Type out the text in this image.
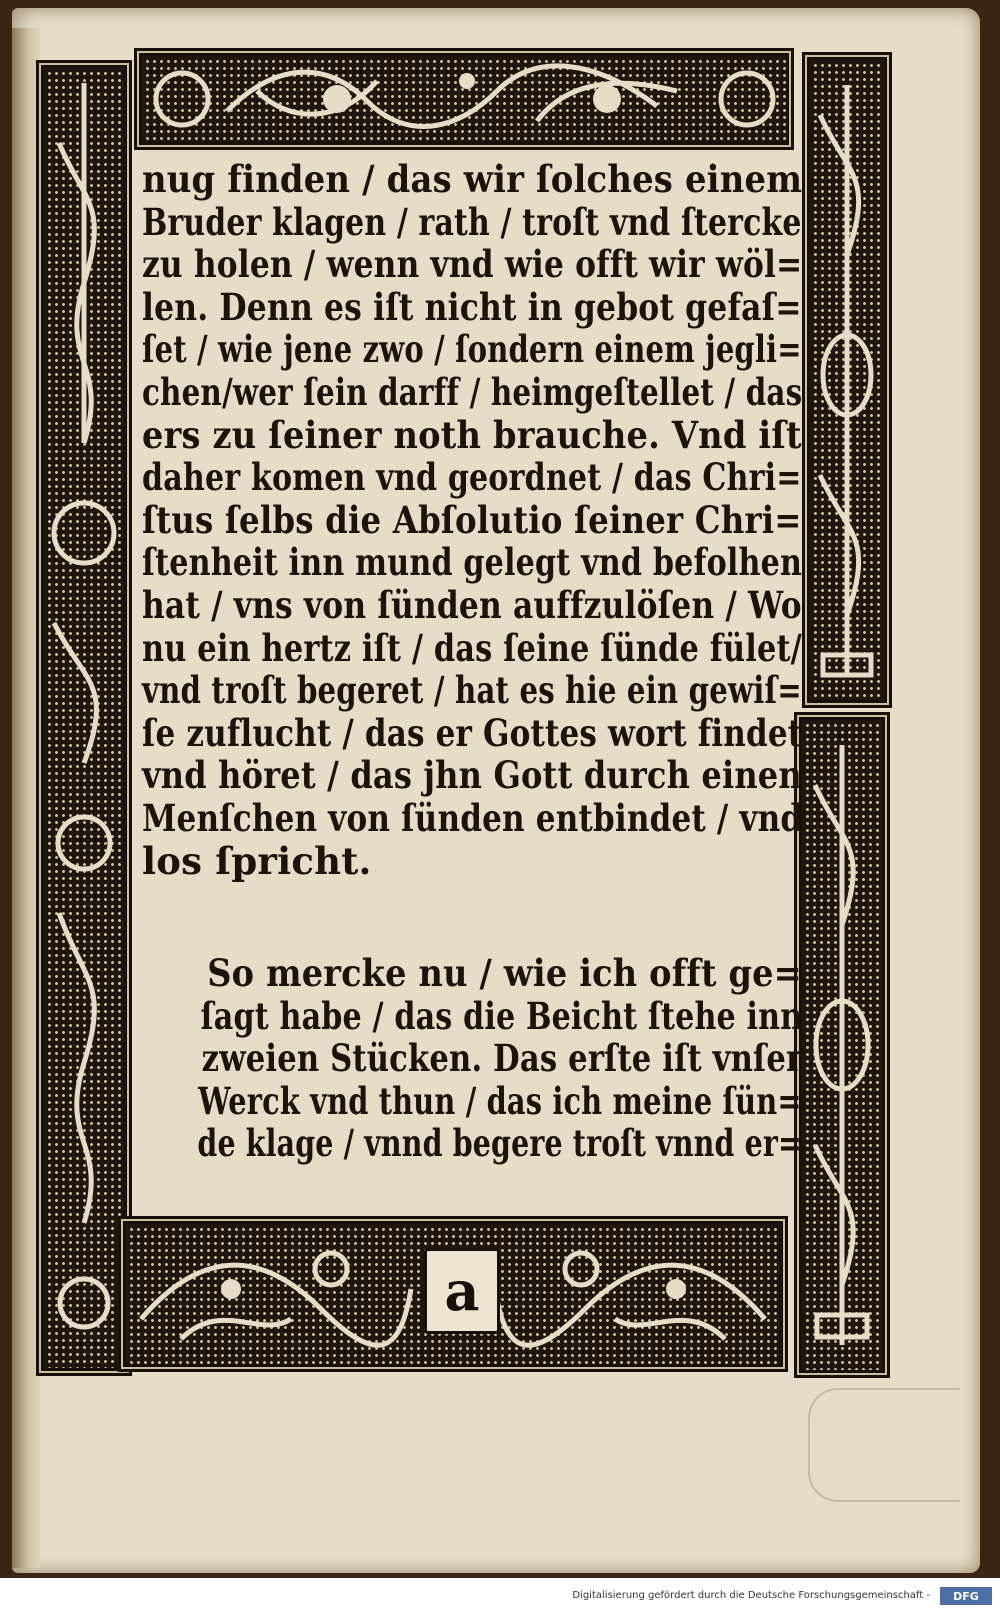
a

nug finden / das wir ſolches einem
Bruder klagen / rath / troſt vnd ſtercke
zu holen / wenn vnd wie offt wir wöl=
len. Denn es iſt nicht in gebot gefaſ=
ſet / wie jene zwo / ſondern einem jegli=
chen/wer ſein darff / heimgeſtellet / das
ers zu ſeiner noth brauche. Vnd iſt
daher komen vnd geordnet / das Chri=
ſtus ſelbs die Abſolutio ſeiner Chri=
ſtenheit inn mund gelegt vnd befolhen
hat / vns von ſünden auffzulöſen / Wo
nu ein hertz iſt / das ſeine ſünde fület/
vnd troſt begeret / hat es hie ein gewiſ=
ſe zuflucht / das er Gottes wort findet
vnd höret / das jhn Gott durch einen
Menſchen von ſünden entbindet / vnd
los ſpricht.

So mercke nu / wie ich offt ge=
ſagt habe / das die Beicht ſtehe inn
zweien Stücken. Das erſte iſt vnſer
Werck vnd thun / das ich meine ſün=
de klage / vnnd begere troſt vnnd er=

Digitalisierung gefördert durch die Deutsche Forschungsgemeinschaft -	DFG
